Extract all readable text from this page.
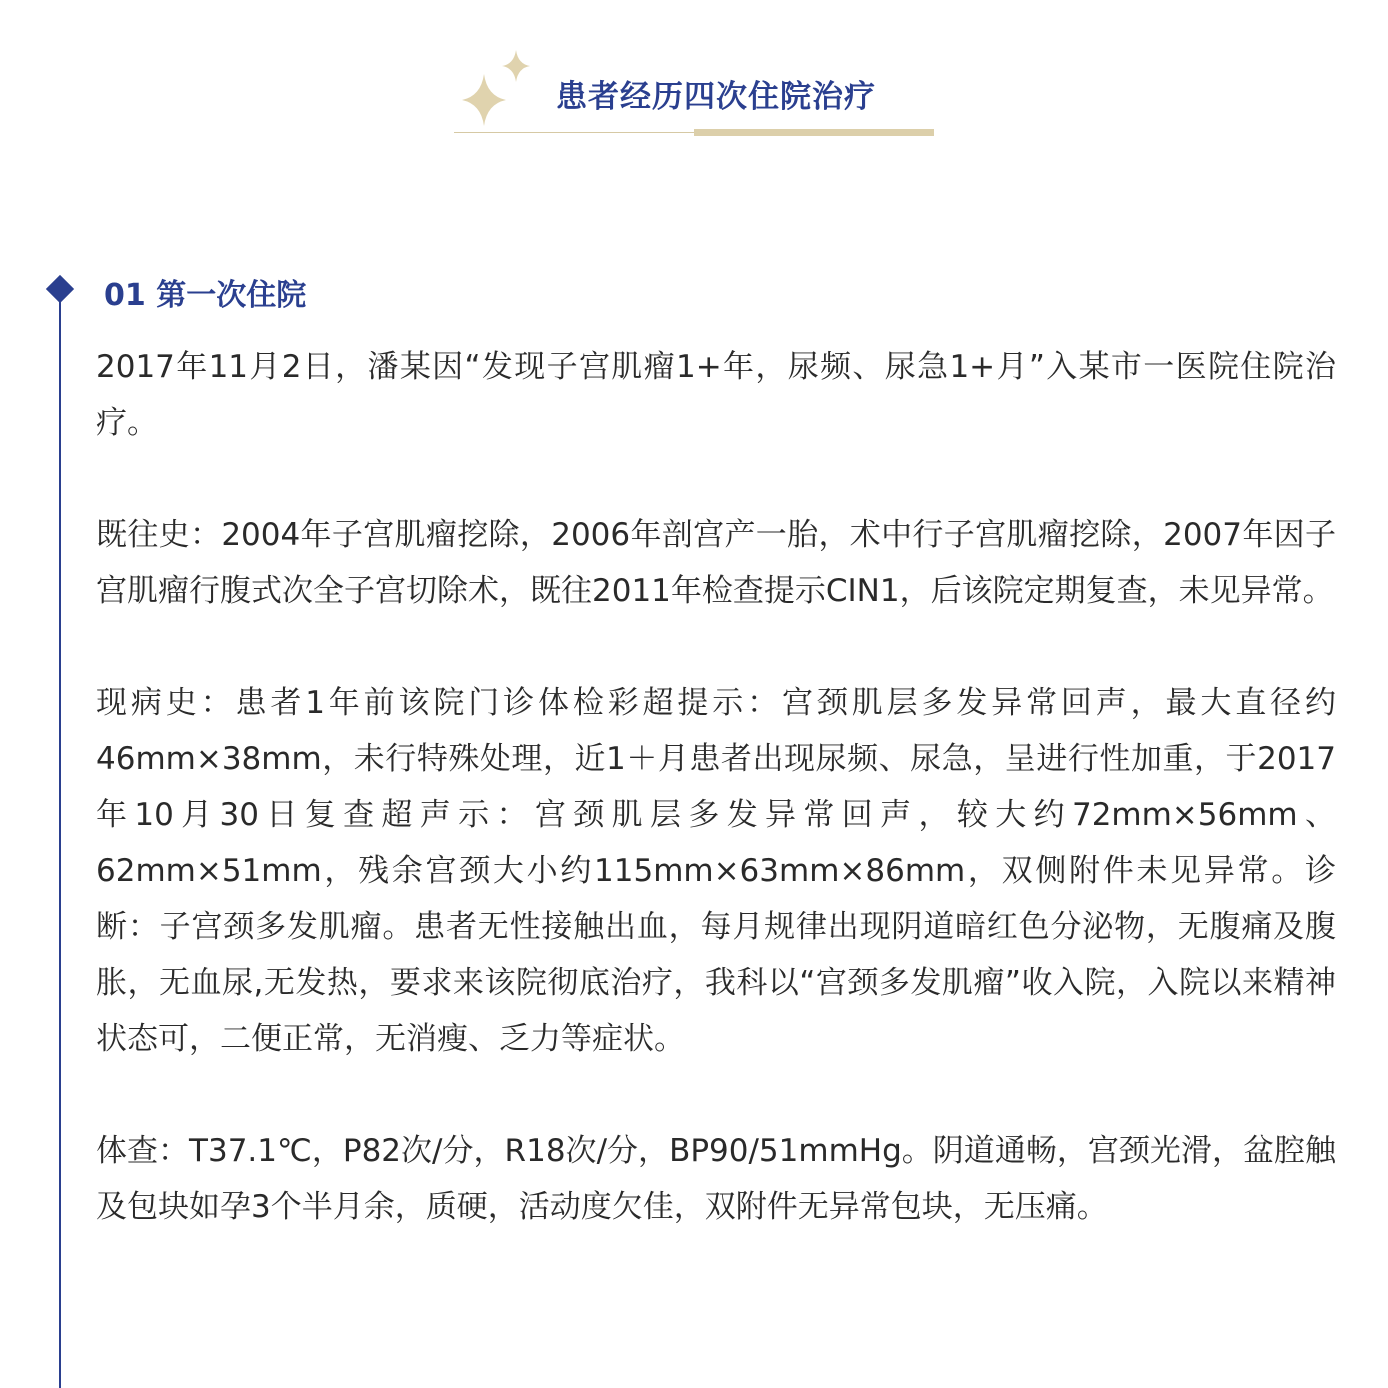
患者经历四次住院治疗
01 第一次住院

2017年11月2日，潘某因“发现子宫肌瘤1+年，尿频、尿急1+月”入某市一医院住院治疗。

既往史：2004年子宫肌瘤挖除，2006年剖宫产一胎，术中行子宫肌瘤挖除，2007年因子宫肌瘤行腹式次全子宫切除术，既往2011年检查提示CIN1，后该院定期复查，未见异常。

现病史：患者1年前该院门诊体检彩超提示：宫颈肌层多发异常回声，最大直径约46mm×38mm，未行特殊处理，近1＋月患者出现尿频、尿急，呈进行性加重，于2017年10月30日复查超声示：宫颈肌层多发异常回声，较大约72mm×56mm、62mm×51mm，残余宫颈大小约115mm×63mm×86mm，双侧附件未见异常。诊断：子宫颈多发肌瘤。患者无性接触出血，每月规律出现阴道暗红色分泌物，无腹痛及腹胀，无血尿,无发热，要求来该院彻底治疗，我科以“宫颈多发肌瘤”收入院，入院以来精神状态可，二便正常，无消瘦、乏力等症状。

体查：T37.1℃，P82次/分，R18次/分，BP90/51mmHg。阴道通畅，宫颈光滑，盆腔触及包块如孕3个半月余，质硬，活动度欠佳，双附件无异常包块，无压痛。
